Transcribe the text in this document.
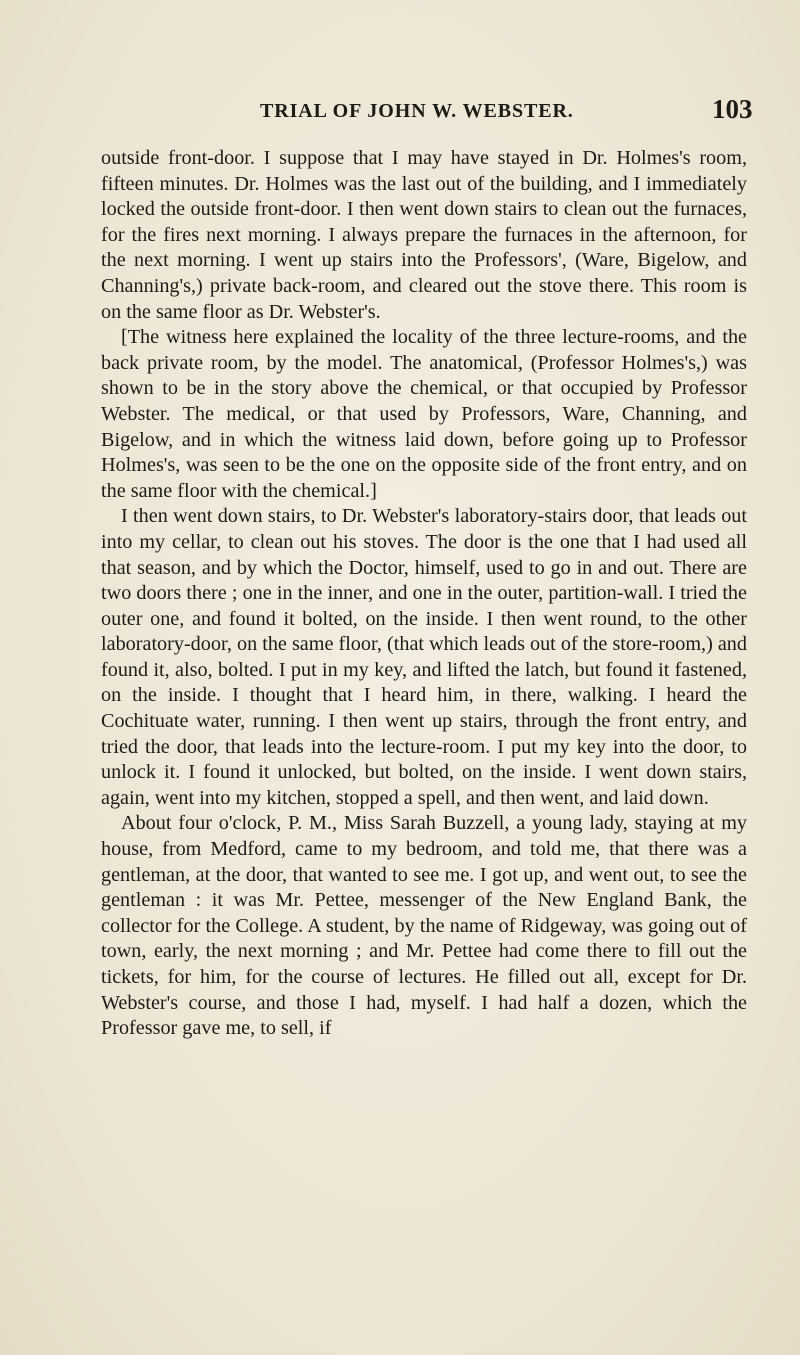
TRIAL OF JOHN W. WEBSTER.	103

outside front-door. I suppose that I may have stayed in Dr. Holmes's room, fifteen minutes. Dr. Holmes was the last out of the building, and I immediately locked the outside front-door. I then went down stairs to clean out the furnaces, for the fires next morning. I always prepare the furnaces in the afternoon, for the next morning. I went up stairs into the Professors', (Ware, Bigelow, and Channing's,) private back-room, and cleared out the stove there. This room is on the same floor as Dr. Webster's.

[The witness here explained the locality of the three lecture-rooms, and the back private room, by the model. The anatomical, (Professor Holmes's,) was shown to be in the story above the chemical, or that occupied by Professor Webster. The medical, or that used by Professors, Ware, Channing, and Bigelow, and in which the witness laid down, before going up to Professor Holmes's, was seen to be the one on the opposite side of the front entry, and on the same floor with the chemical.]

I then went down stairs, to Dr. Webster's laboratory-stairs door, that leads out into my cellar, to clean out his stoves. The door is the one that I had used all that season, and by which the Doctor, himself, used to go in and out. There are two doors there ; one in the inner, and one in the outer, partition-wall. I tried the outer one, and found it bolted, on the inside. I then went round, to the other laboratory-door, on the same floor, (that which leads out of the store-room,) and found it, also, bolted. I put in my key, and lifted the latch, but found it fastened, on the inside. I thought that I heard him, in there, walking. I heard the Cochituate water, running. I then went up stairs, through the front entry, and tried the door, that leads into the lecture-room. I put my key into the door, to unlock it. I found it unlocked, but bolted, on the inside. I went down stairs, again, went into my kitchen, stopped a spell, and then went, and laid down.

About four o'clock, P. M., Miss Sarah Buzzell, a young lady, staying at my house, from Medford, came to my bedroom, and told me, that there was a gentleman, at the door, that wanted to see me. I got up, and went out, to see the gentleman : it was Mr. Pettee, messenger of the New England Bank, the collector for the College. A student, by the name of Ridgeway, was going out of town, early, the next morning ; and Mr. Pettee had come there to fill out the tickets, for him, for the course of lectures. He filled out all, except for Dr. Webster's course, and those I had, myself. I had half a dozen, which the Professor gave me, to sell, if
